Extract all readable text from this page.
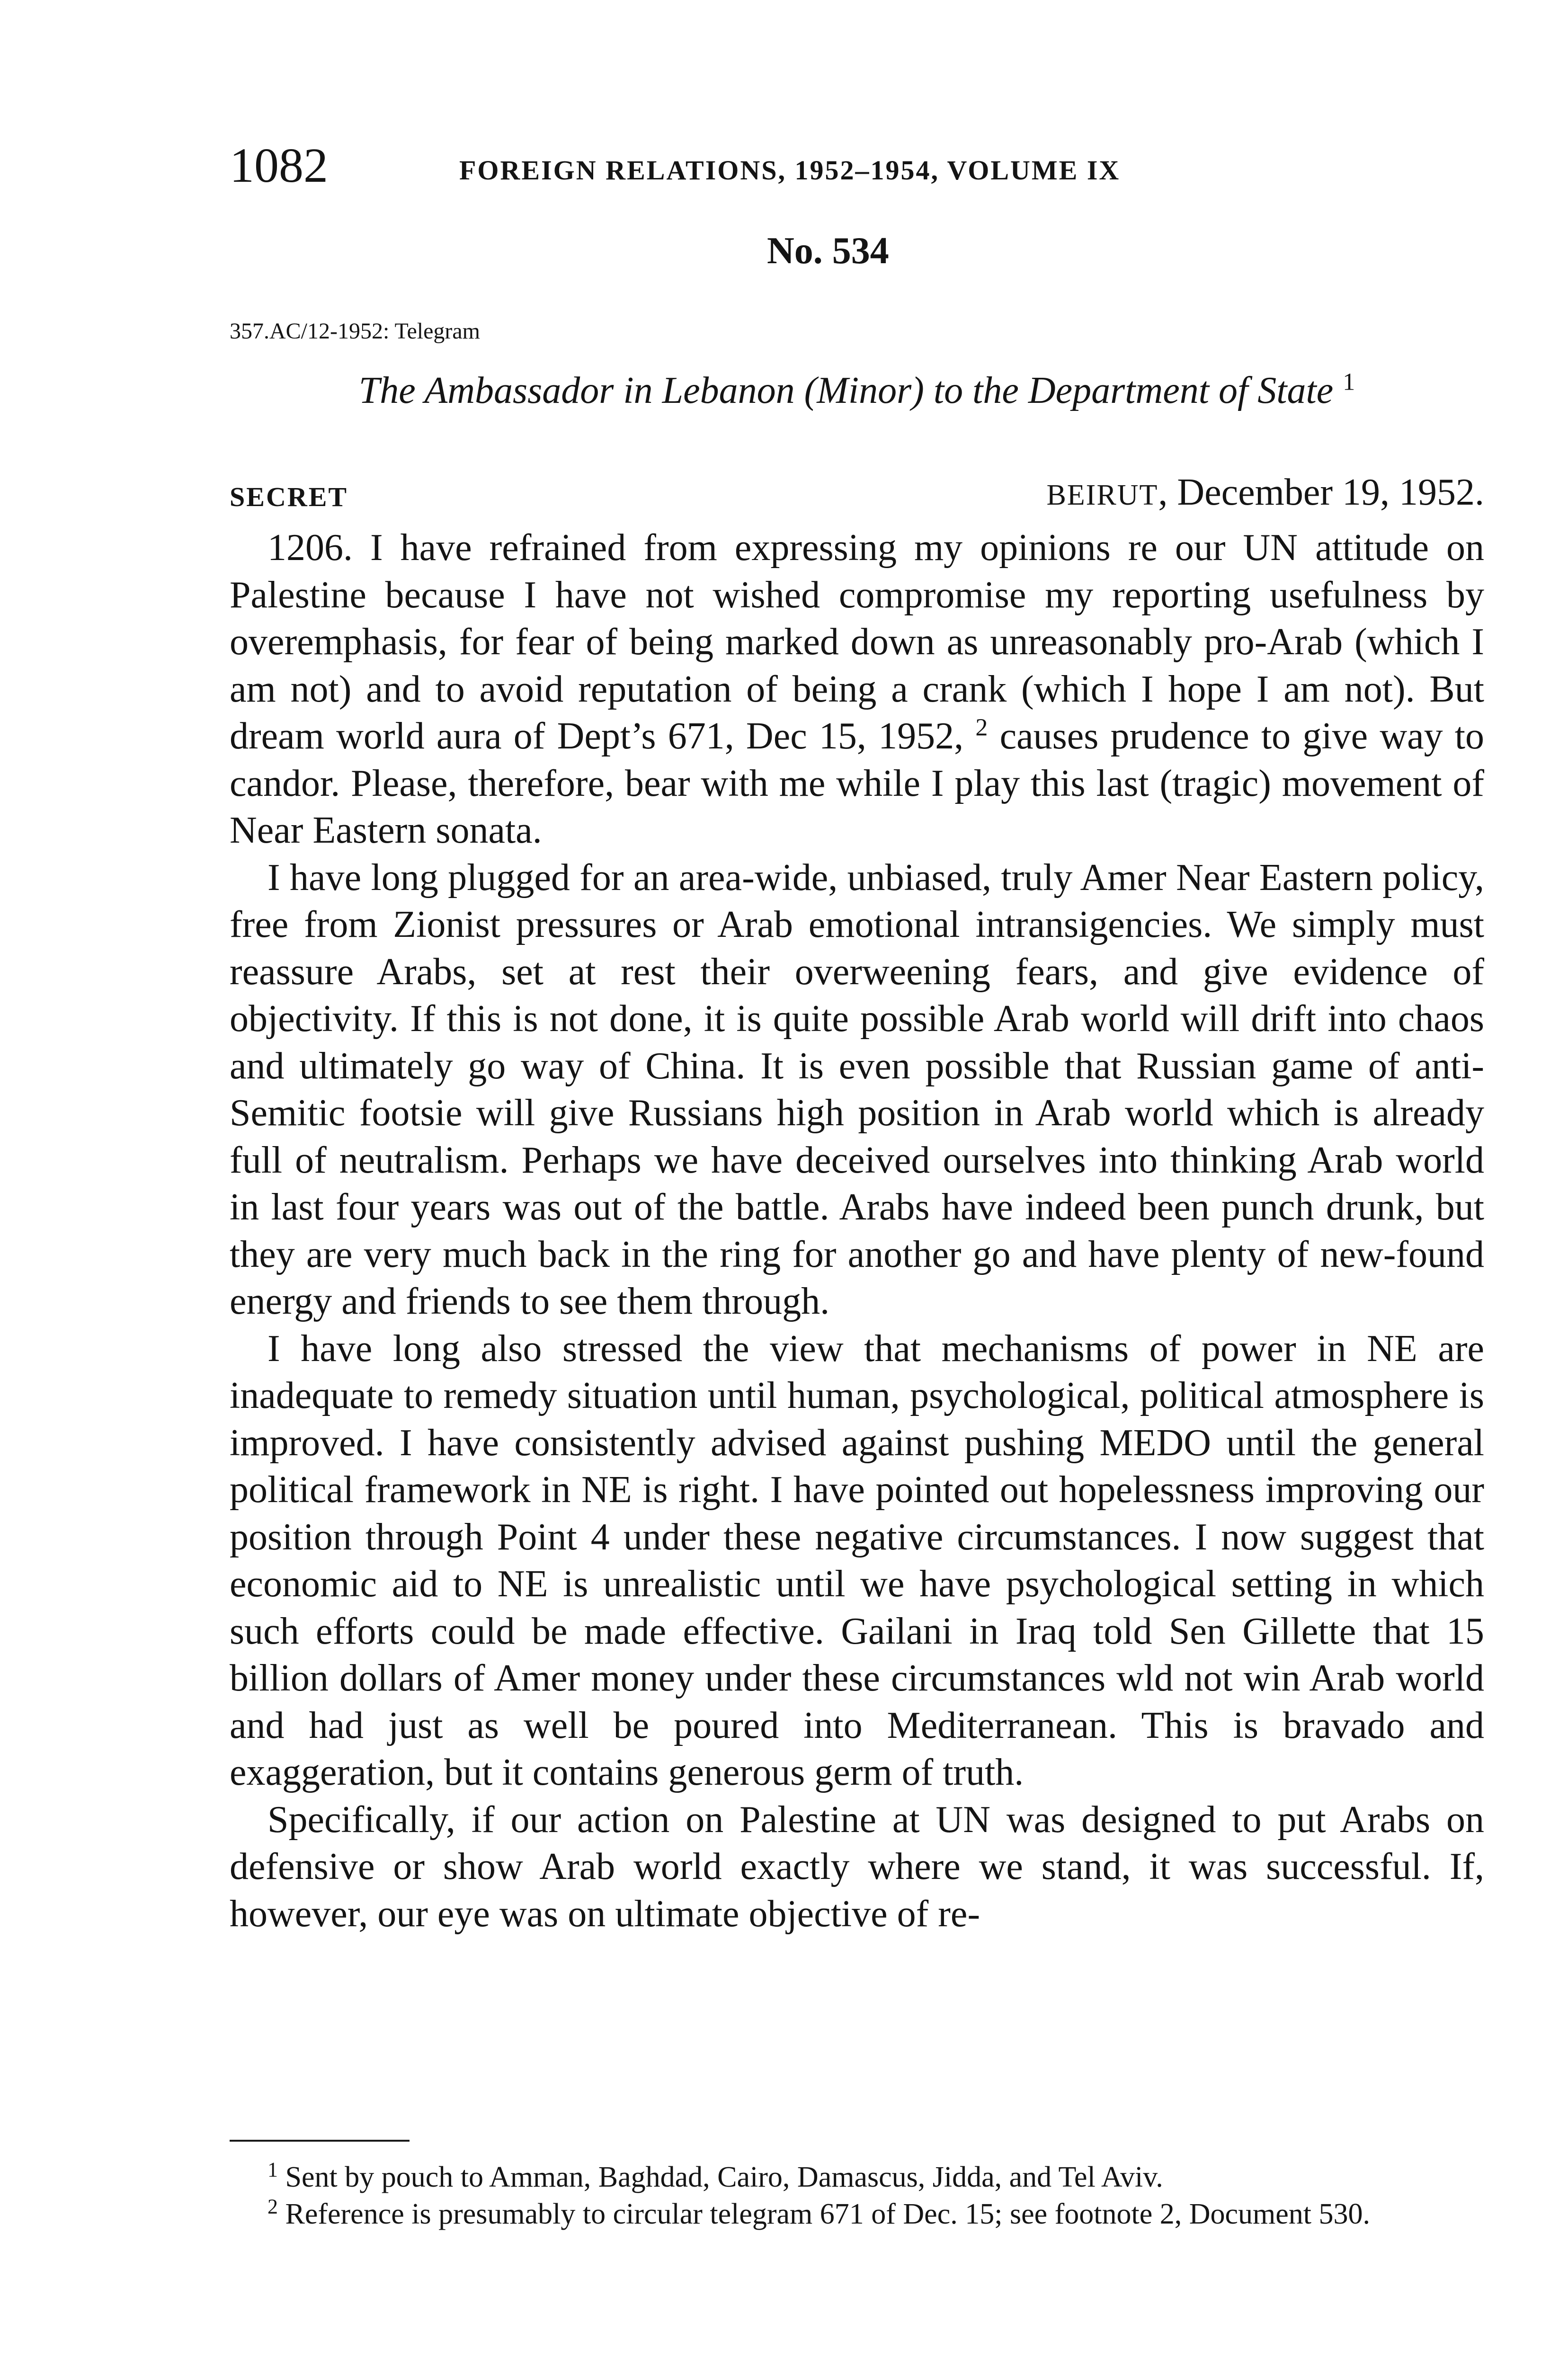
1082	FOREIGN RELATIONS, 1952–1954, VOLUME IX
No. 534
357.AC/12-1952: Telegram
The Ambassador in Lebanon (Minor) to the Department of State $^1$
SECRET	BEIRUT, December 19, 1952.

1206. I have refrained from expressing my opinions re our UN attitude on Palestine because I have not wished compromise my reporting usefulness by overemphasis, for fear of being marked down as unreasonably pro-Arab (which I am not) and to avoid reputation of being a crank (which I hope I am not). But dream world aura of Dept’s 671, Dec 15, 1952, $^2$ causes prudence to give way to candor. Please, therefore, bear with me while I play this last (tragic) movement of Near Eastern sonata.

I have long plugged for an area-wide, unbiased, truly Amer Near Eastern policy, free from Zionist pressures or Arab emotional intransigencies. We simply must reassure Arabs, set at rest their overweening fears, and give evidence of objectivity. If this is not done, it is quite possible Arab world will drift into chaos and ultimately go way of China. It is even possible that Russian game of anti-Semitic footsie will give Russians high position in Arab world which is already full of neutralism. Perhaps we have deceived ourselves into thinking Arab world in last four years was out of the battle. Arabs have indeed been punch drunk, but they are very much back in the ring for another go and have plenty of new-found energy and friends to see them through.

I have long also stressed the view that mechanisms of power in NE are inadequate to remedy situation until human, psychological, political atmosphere is improved. I have consistently advised against pushing MEDO until the general political framework in NE is right. I have pointed out hopelessness improving our position through Point 4 under these negative circumstances. I now suggest that economic aid to NE is unrealistic until we have psychological setting in which such efforts could be made effective. Gailani in Iraq told Sen Gillette that 15 billion dollars of Amer money under these circumstances wld not win Arab world and had just as well be poured into Mediterranean. This is bravado and exaggeration, but it contains generous germ of truth.

Specifically, if our action on Palestine at UN was designed to put Arabs on defensive or show Arab world exactly where we stand, it was successful. If, however, our eye was on ultimate objective of re-

$^1$ Sent by pouch to Amman, Baghdad, Cairo, Damascus, Jidda, and Tel Aviv.

$^2$ Reference is presumably to circular telegram 671 of Dec. 15; see footnote 2, Document 530.
